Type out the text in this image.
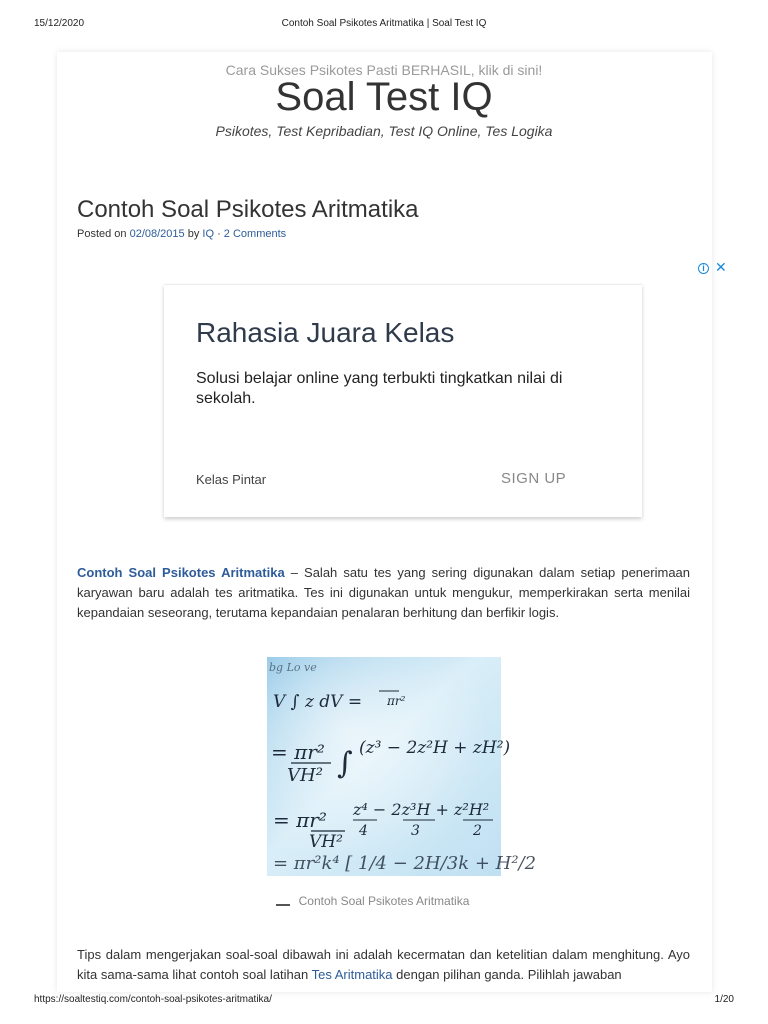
15/12/2020	Contoh Soal Psikotes Aritmatika | Soal Test IQ
Cara Sukses Psikotes Pasti BERHASIL, klik di sini!
Soal Test IQ
Psikotes, Test Kepribadian, Test IQ Online, Tes Logika
Contoh Soal Psikotes Aritmatika
Posted on 02/08/2015 by IQ · 2 Comments
i ✕
Rahasia Juara Kelas
Solusi belajar online yang terbukti tingkatkan nilai di sekolah.
Kelas Pintar	SIGN UP

Contoh Soal Psikotes Aritmatika – Salah satu tes yang sering digunakan dalam setiap penerimaan karyawan baru adalah tes aritmatika. Tes ini digunakan untuk mengukur, memperkirakan serta menilai kepandaian seseorang, terutama kepandaian penalaran berhitung dan berfikir logis.

bg Lo ve
V ∫ z dV = πr²
= πr²
VH² ∫ (z³ − 2z²H + zH²)
= πr²
VH²
z⁴ − 2z³H + z²H²
4	3	2
= πr²k⁴ [ 1/4 − 2H/3k + H²/2
Contoh Soal Psikotes Aritmatika

Tips dalam mengerjakan soal-soal dibawah ini adalah kecermatan dan ketelitian dalam menghitung. Ayo kita sama-sama lihat contoh soal latihan Tes Aritmatika dengan pilihan ganda. Pilihlah jawaban

https://soaltestiq.com/contoh-soal-psikotes-aritmatika/	1/20
